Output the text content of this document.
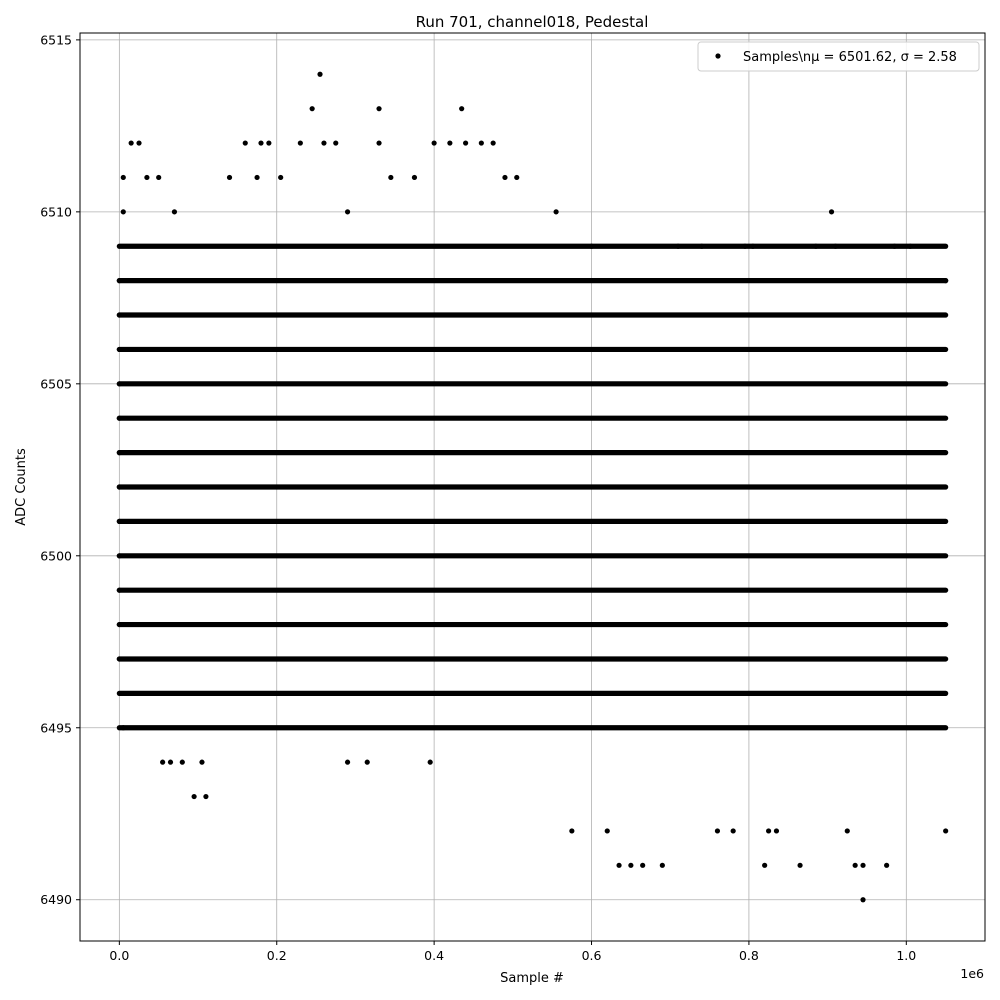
Run 701, channel018, Pedestal
0.0	0.2	0.4	0.6	0.8	1.0
6490
6495
6500
6505
6510
6515
Sample #	1e6
ADC Counts
Samples\nμ = 6501.62, σ = 2.58
